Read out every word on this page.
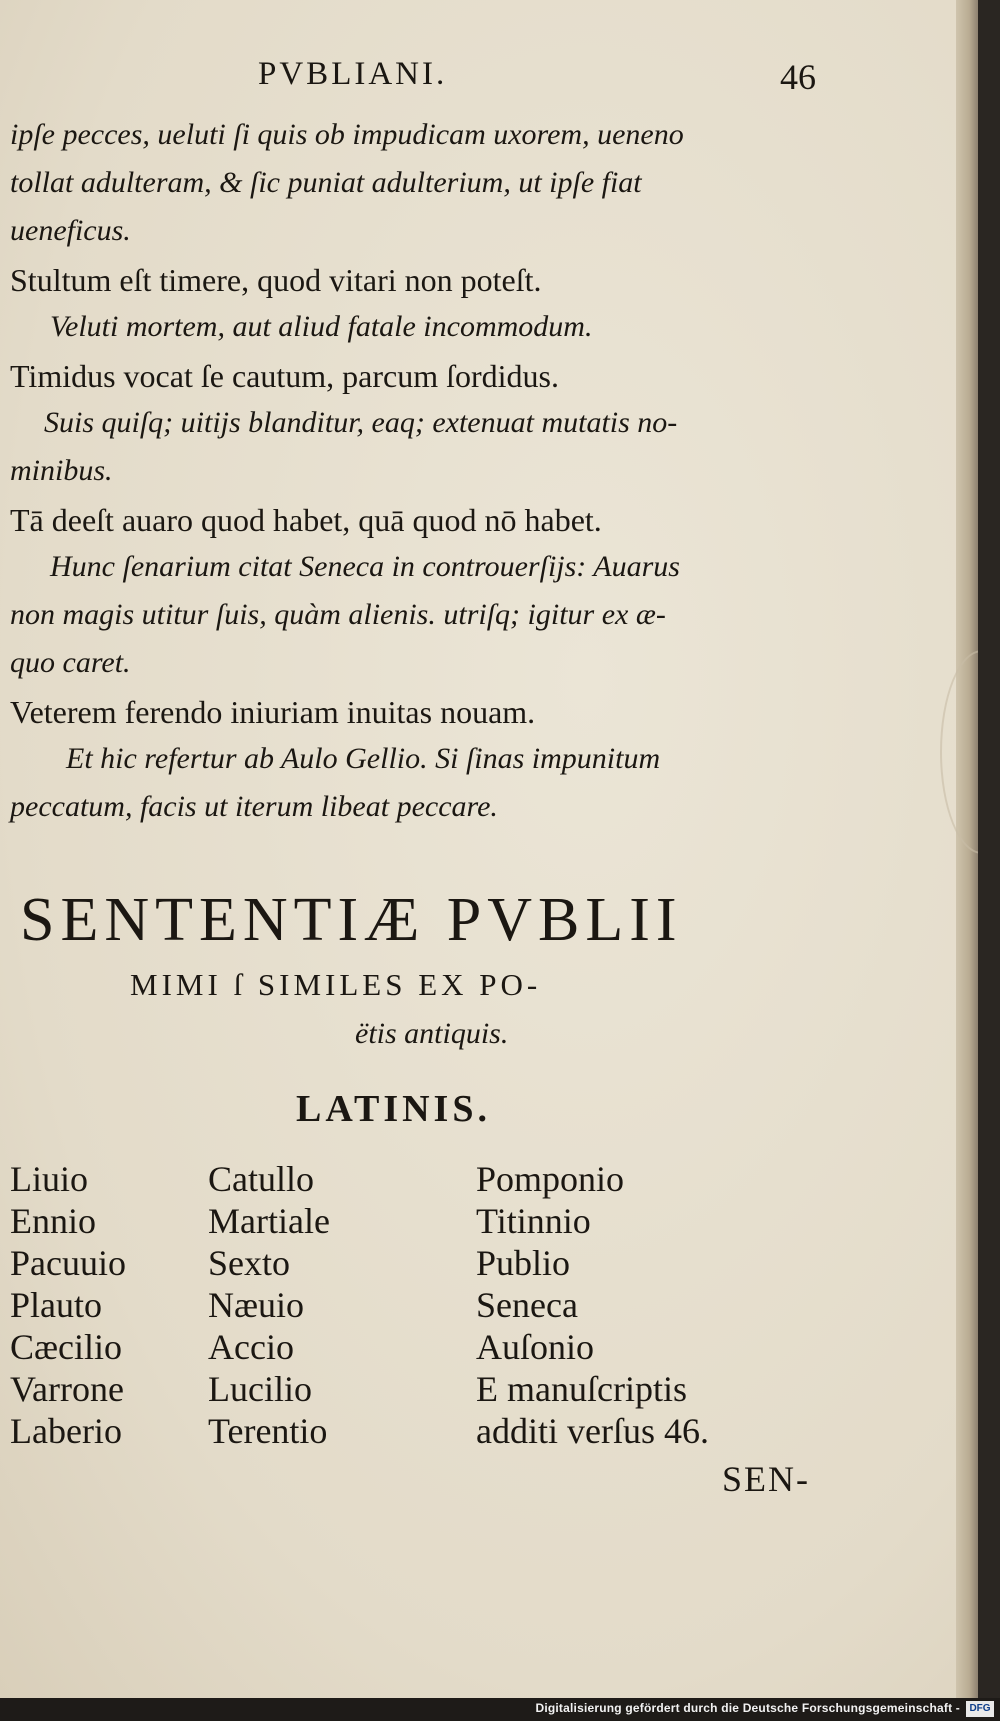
PVBLIANI.	46
ipſe pecces, ueluti ſi quis ob impudicam uxorem, ueneno
tollat adulteram, & ſic puniat adulterium, ut ipſe fiat
ueneficus.
Stultum eſt timere, quod vitari non poteſt.
Veluti mortem, aut aliud fatale incommodum.
Timidus vocat ſe cautum, parcum ſordidus.
Suis quiſq; uitijs blanditur, eaq; extenuat mutatis no-
minibus.
Tā deeſt auaro quod habet, quā quod nō habet.
Hunc ſenarium citat Seneca in controuerſijs: Auarus
non magis utitur ſuis, quàm alienis. utriſq; igitur ex æ-
quo caret.
Veterem ferendo iniuriam inuitas nouam.
Et hic refertur ab Aulo Gellio. Si ſinas impunitum
peccatum, facis ut iterum libeat peccare.
SENTENTIÆ PVBLII
MIMI ſ SIMILES EX PO-
ëtis antiquis.
LATINIS.
Liuio
Ennio
Pacuuio
Plauto
Cæcilio
Varrone
Laberio
Catullo
Martiale
Sexto
Næuio
Accio
Lucilio
Terentio
Pomponio
Titinnio
Publio
Seneca
Auſonio
E manuſcriptis
additi verſus 46.
SEN-
Digitalisierung gefördert durch die Deutsche Forschungsgemeinschaft - DFG
